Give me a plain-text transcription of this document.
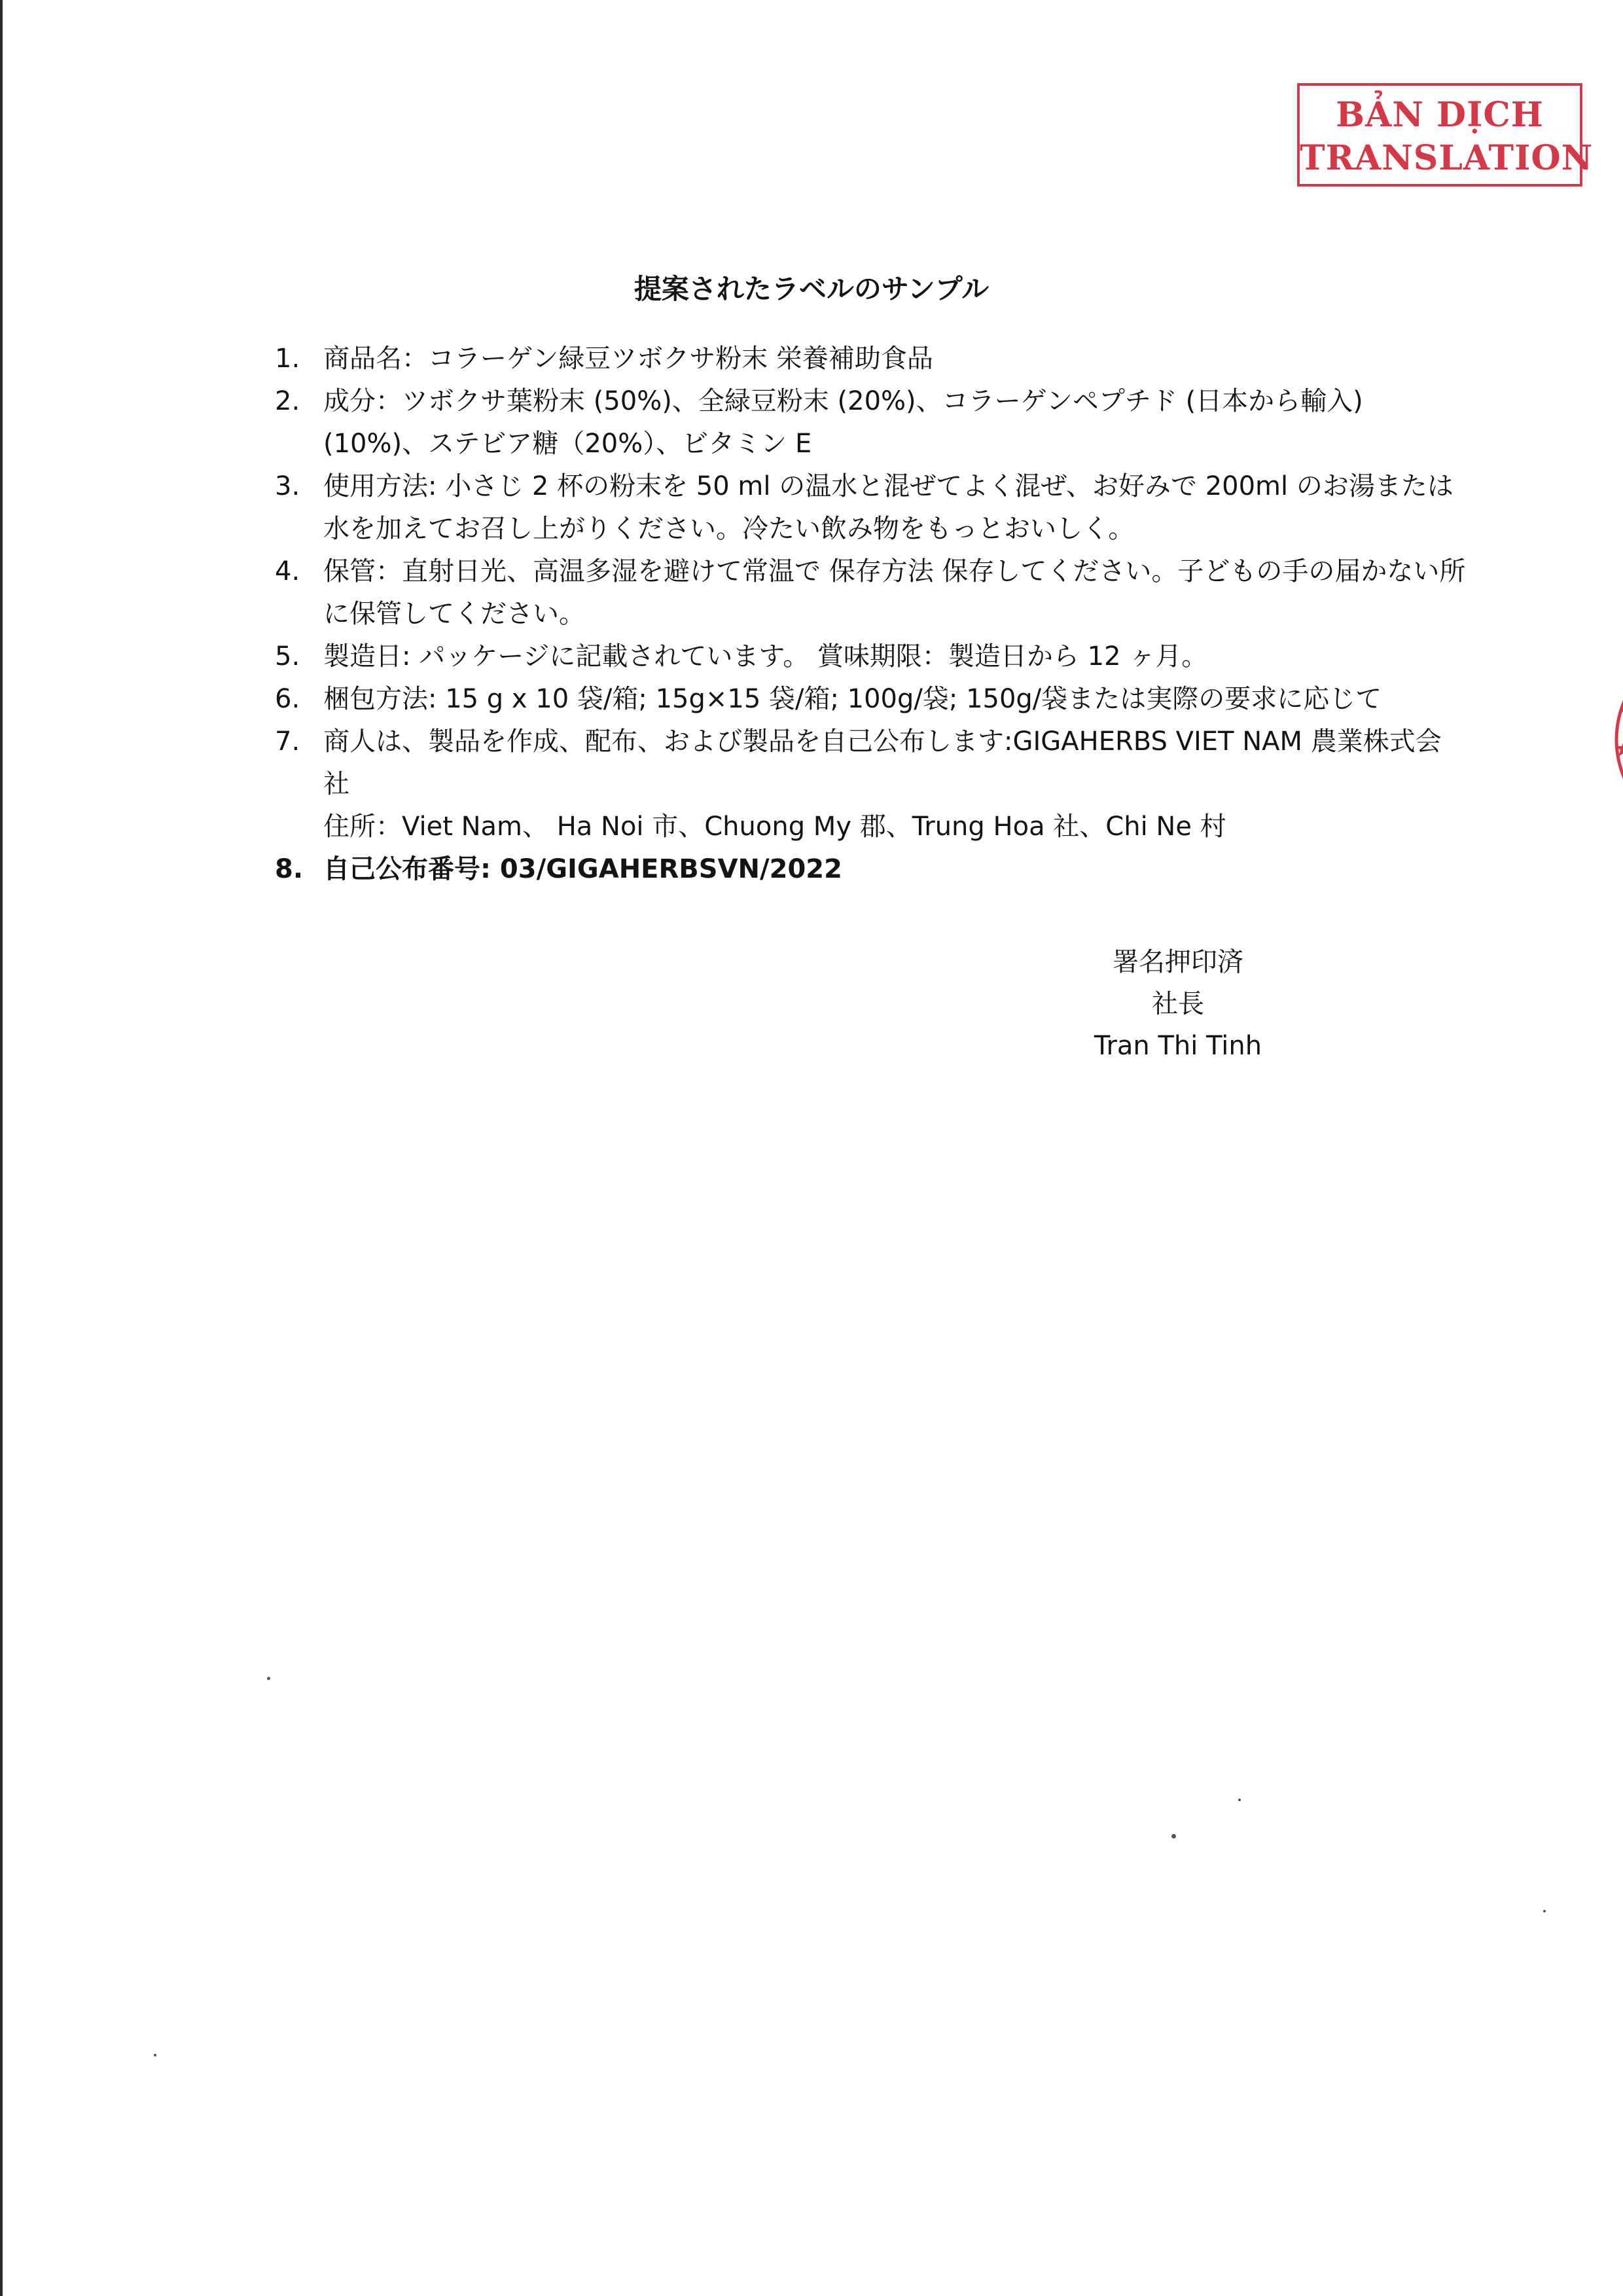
BẢN DỊCH
TRANSLATION
提案されたラベルのサンプル
1. 商品名：コラーゲン緑豆ツボクサ粉末 栄養補助食品
2. 成分：ツボクサ葉粉末 (50%)、全緑豆粉末 (20%)、コラーゲンペプチド (日本から輸入)(10%)、ステビア糖（20%）、ビタミン E
3. 使用方法: 小さじ 2 杯の粉末を 50 ml の温水と混ぜてよく混ぜ、お好みで 200ml のお湯または水を加えてお召し上がりください。冷たい飲み物をもっとおいしく。
4. 保管：直射日光、高温多湿を避けて常温で 保存方法 保存してください。子どもの手の届かない所に保管してください。
5. 製造日: パッケージに記載されています。 賞味期限：製造日から 12 ヶ月。
6. 梱包方法: 15 g x 10 袋/箱; 15g×15 袋/箱; 100g/袋; 150g/袋または実際の要求に応じて
7. 商人は、製品を作成、配布、および製品を自己公布します:GIGAHERBS VIET NAM 農業株式会社
住所：Viet Nam、 Ha Noi 市、Chuong My 郡、Trung Hoa 社、Chi Ne 村
8. 自己公布番号: 03/GIGAHERBSVN/2022
署名押印済
社長
Tran Thi Tinh
